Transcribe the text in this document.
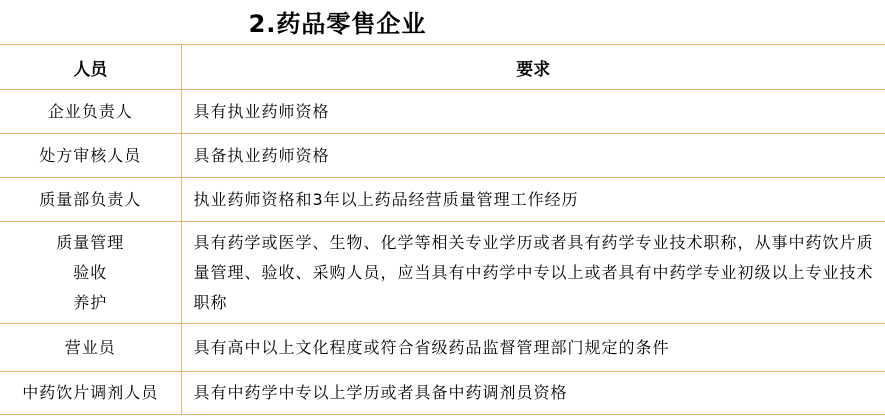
2.药品零售企业
人员	要求

企业负责人	具有执业药师资格

处方审核人员	具备执业药师资格

质量部负责人	执业药师资格和3年以上药品经营质量管理工作经历

质量管理
验收
养护	具有药学或医学、生物、化学等相关专业学历或者具有药学专业技术职称，从事中药饮片质量管理、验收、采购人员，应当具有中药学中专以上或者具有中药学专业初级以上专业技术职称

营业员	具有高中以上文化程度或符合省级药品监督管理部门规定的条件

中药饮片调剂人员	具有中药学中专以上学历或者具备中药调剂员资格
